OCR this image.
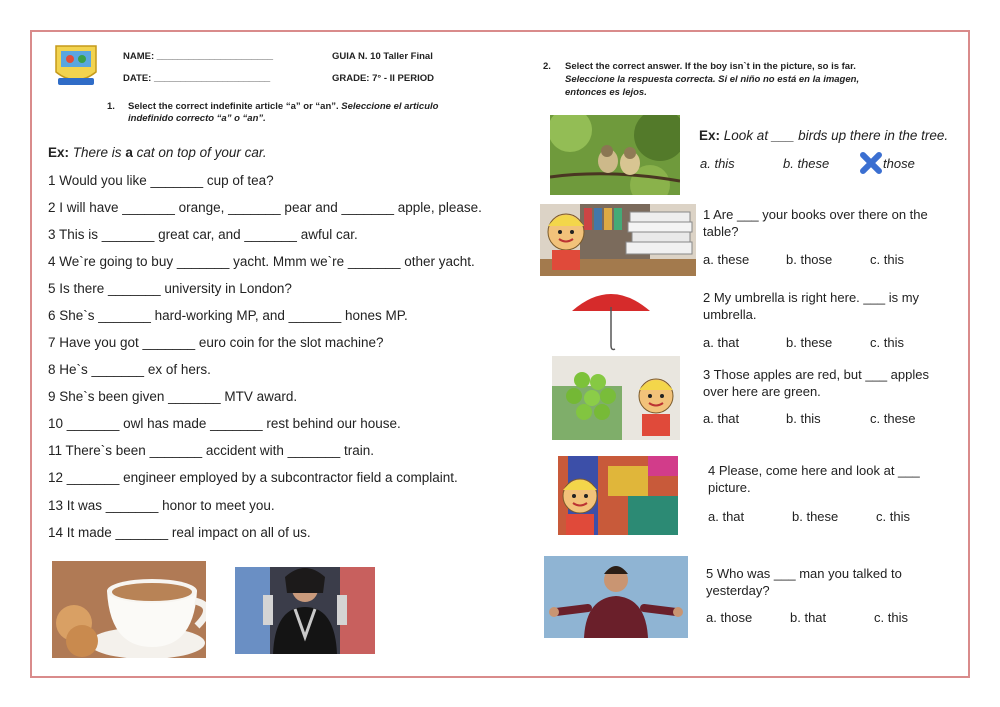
NAME: ______________________
DATE: ______________________
GUIA N. 10 Taller Final
GRADE: 7° - II PERIOD
1. Select the correct indefinite article “a” or “an”. Seleccione el articulo
indefinido correcto “a” o “an”.
Ex: There is a cat on top of your car.
1 Would you like _______ cup of tea?
2 I will have _______ orange, _______ pear and _______ apple, please.
3 This is _______ great car, and _______ awful car.
4 We`re going to buy _______ yacht. Mmm we`re _______ other yacht.
5 Is there _______ university in London?
6 She`s _______ hard-working MP, and _______ hones MP.
7 Have you got _______ euro coin for the slot machine?
8 He`s _______ ex of hers.
9 She`s been given _______ MTV award.
10 _______ owl has made _______ rest behind our house.
11 There`s been _______ accident with _______ train.
12 _______ engineer employed by a subcontractor field a complaint.
13 It was _______ honor to meet you.
14 It made _______ real impact on all of us.
2. Select the correct answer. If the boy isn`t in the picture, so is far.
Seleccione la respuesta correcta. Si el niño no está en la imagen,
entonces es lejos.
Ex: Look at ___ birds up there in the tree.
a. this	b. these	those
1 Are ___ your books over there on the
table?
a. these	b. those	c. this
2 My umbrella is right here. ___ is my
umbrella.
a. that	b. these	c. this
3 Those apples are red, but ___ apples
over here are green.
a. that	b. this	c. these
4 Please, come here and look at ___
picture.
a. that	b. these	c. this
5 Who was ___ man you talked to
yesterday?
a. those	b. that	c. this
